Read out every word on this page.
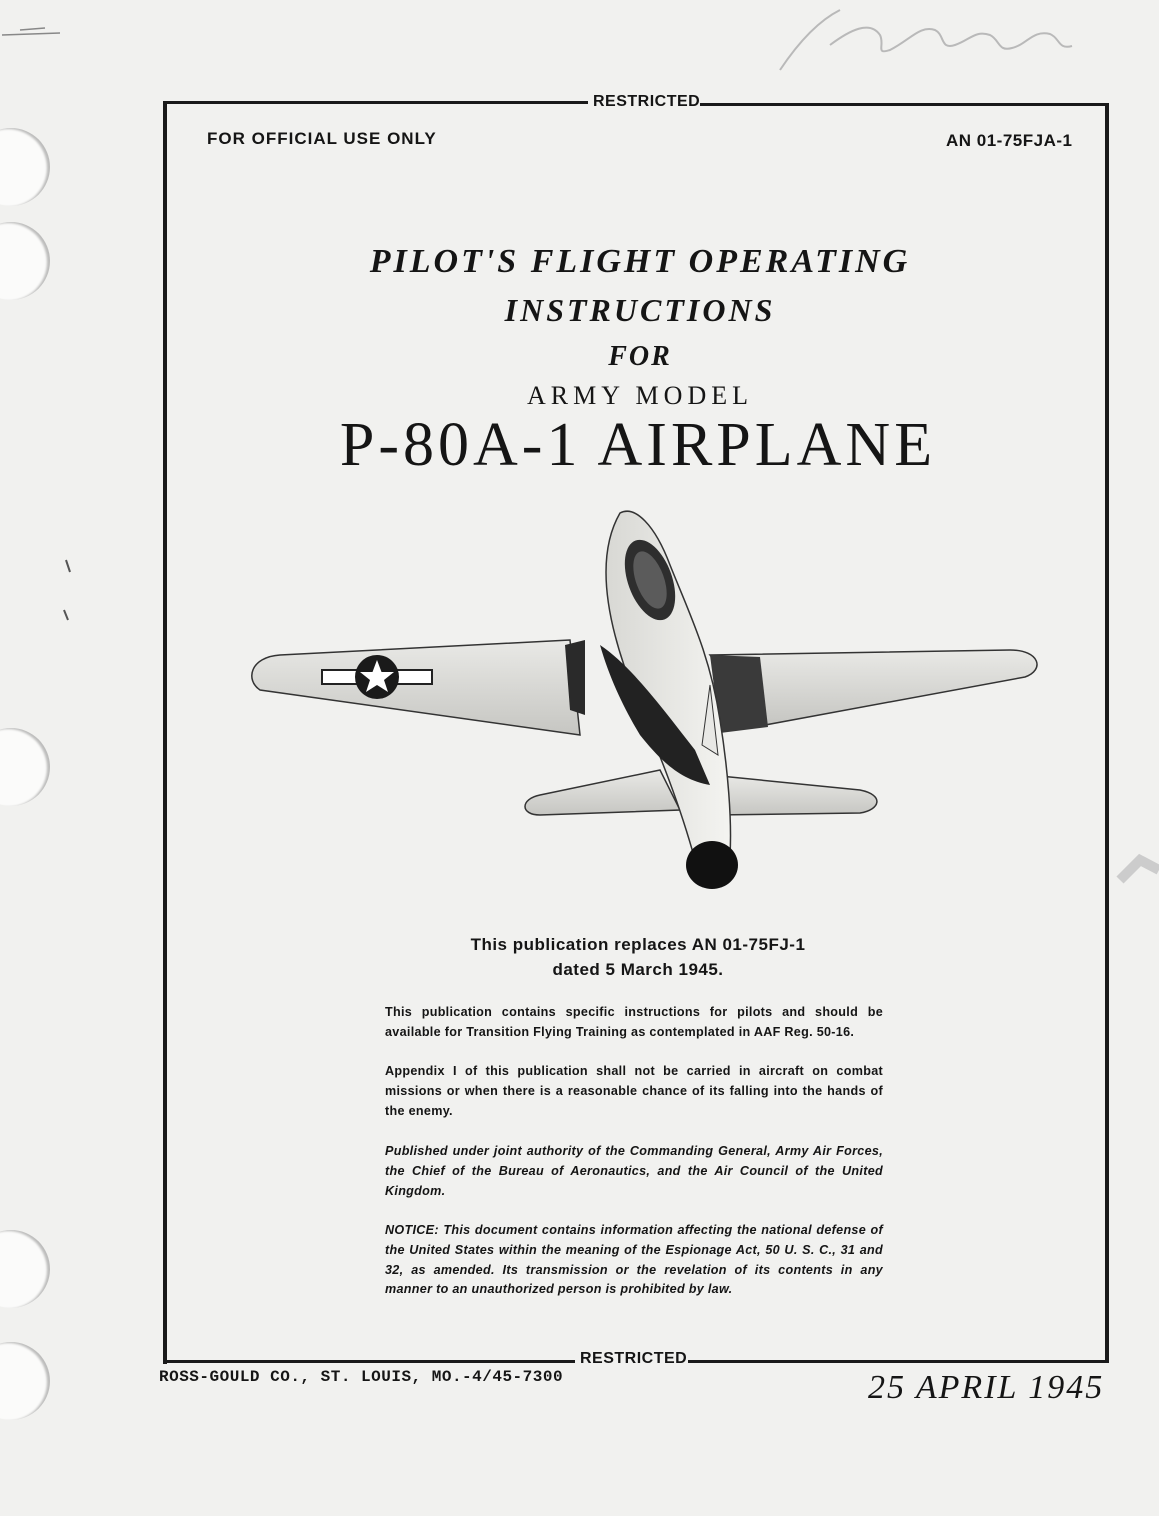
RESTRICTED
FOR OFFICIAL USE ONLY	AN 01-75FJA-1
PILOT'S FLIGHT OPERATING
INSTRUCTIONS
FOR
ARMY MODEL
P-80A-1 AIRPLANE
This publication replaces AN 01-75FJ-1
dated 5 March 1945.
This publication contains specific instructions for pilots and should be available for Transition Flying Training as contemplated in AAF Reg. 50-16.
Appendix I of this publication shall not be carried in aircraft on combat missions or when there is a reasonable chance of its falling into the hands of the enemy.
Published under joint authority of the Commanding General, Army Air Forces, the Chief of the Bureau of Aeronautics, and the Air Council of the United Kingdom.
NOTICE: This document contains information affecting the national defense of the United States within the meaning of the Espionage Act, 50 U. S. C., 31 and 32, as amended. Its transmission or the revelation of its contents in any manner to an unauthorized person is prohibited by law.
RESTRICTED
ROSS-GOULD CO., ST. LOUIS, MO.-4/45-7300	25 APRIL 1945
